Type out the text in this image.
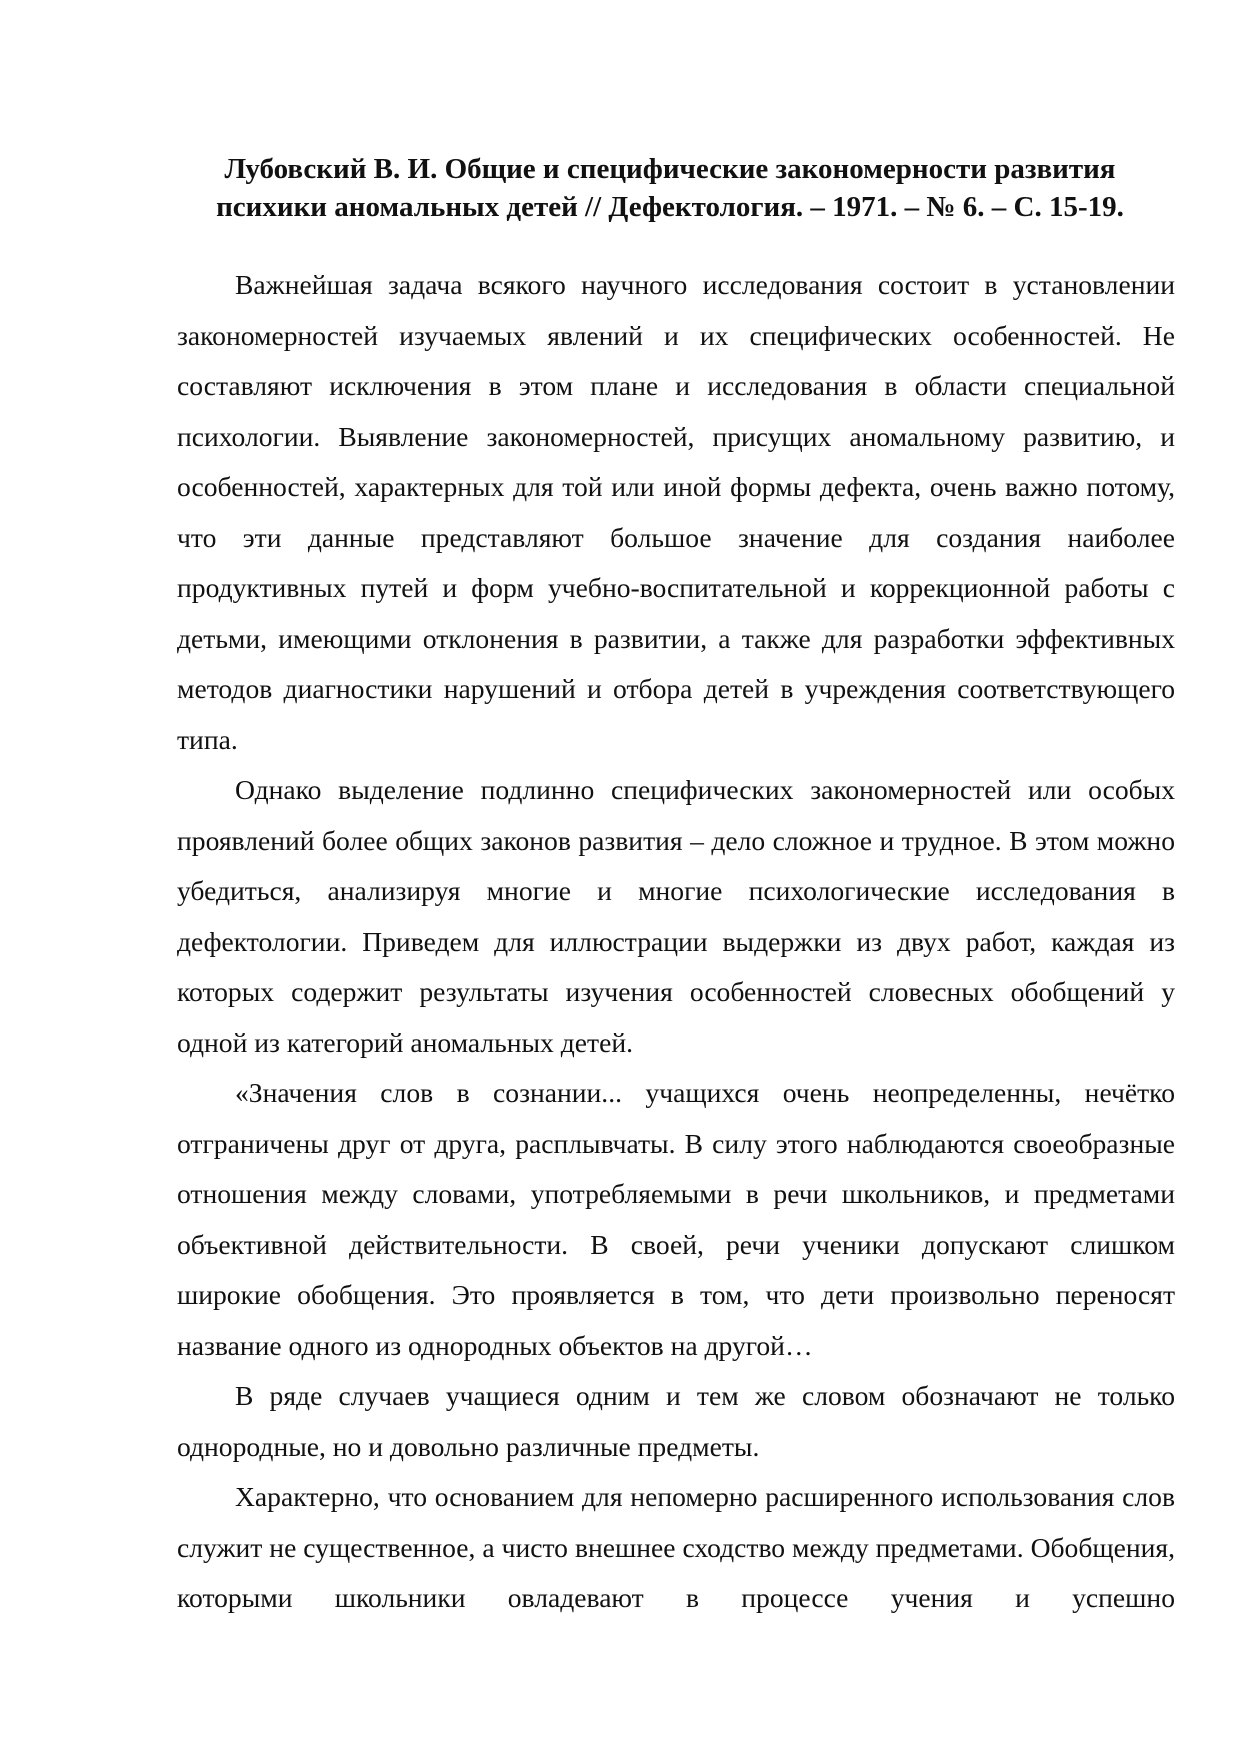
Лубовский В. И. Общие и специфические закономерности развития
психики аномальных детей // Дефектология. – 1971. – № 6. – С. 15-19.

Важнейшая задача всякого научного исследования состоит в установлении закономерностей изучаемых явлений и их специфических особенностей. Не составляют исключения в этом плане и исследования в области специальной психологии. Выявление закономерностей, присущих аномальному развитию, и особенностей, характерных для той или иной формы дефекта, очень важно потому, что эти данные представляют большое значение для создания наиболее продуктивных путей и форм учебно-воспитательной и коррекционной работы с детьми, имеющими отклонения в развитии, а также для разработки эффективных методов диагностики нарушений и отбора детей в учреждения соответствующего типа.

Однако выделение подлинно специфических закономерностей или особых проявлений более общих законов развития – дело сложное и трудное. В этом можно убедиться, анализируя многие и многие психологические исследования в дефектологии. Приведем для иллюстрации выдержки из двух работ, каждая из которых содержит результаты изучения особенностей словесных обобщений у одной из категорий аномальных детей.

«Значения слов в сознании... учащихся очень неопределенны, нечётко отграничены друг от друга, расплывчаты. В силу этого наблюдаются своеобразные отношения между словами, употребляемыми в речи школьников, и предметами объективной действительности. В своей, речи ученики допускают слишком широкие обобщения. Это проявляется в том, что дети произвольно переносят название одного из однородных объектов на другой…

В ряде случаев учащиеся одним и тем же словом обозначают не только однородные, но и довольно различные предметы.

Характерно, что основанием для непомерно расширенного использования слов служит не существенное, а чисто внешнее сходство между предметами. Обобщения, которыми школьники овладевают в процессе учения и успешно
